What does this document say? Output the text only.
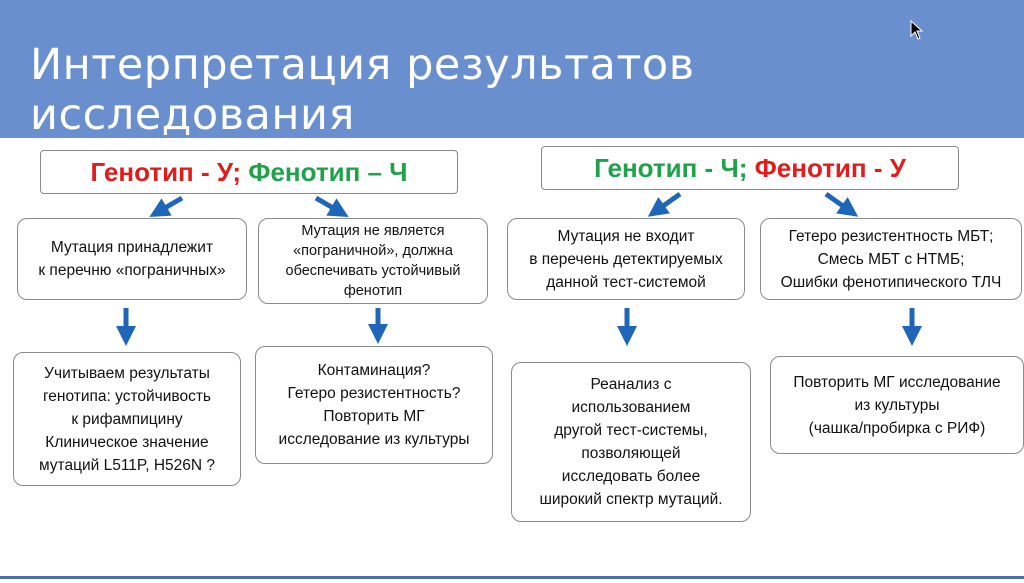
Интерпретация результатов исследования
Генотип - У;
Фенотип – Ч	Генотип - Ч;
Фенотип - У
Мутация принадлежит
к перечню «пограничных»
Мутация не является
«пограничной», должна
обеспечивать устойчивый
фенотип
Мутация не входит
в перечень детектируемых
данной тест-системой
Гетеро резистентность МБТ;
Смесь МБТ с НТМБ;
Ошибки фенотипического ТЛЧ
Учитываем результаты
генотипа: устойчивость
к рифампицину
Клиническое значение
мутаций L511P, H526N ?
Контаминация?
Гетеро резистентность?
Повторить МГ
исследование из культуры
Реанализ с
использованием
другой тест-системы,
позволяющей
исследовать более
широкий спектр мутаций.
Повторить МГ исследование
из культуры
(чашка/пробирка с РИФ)
